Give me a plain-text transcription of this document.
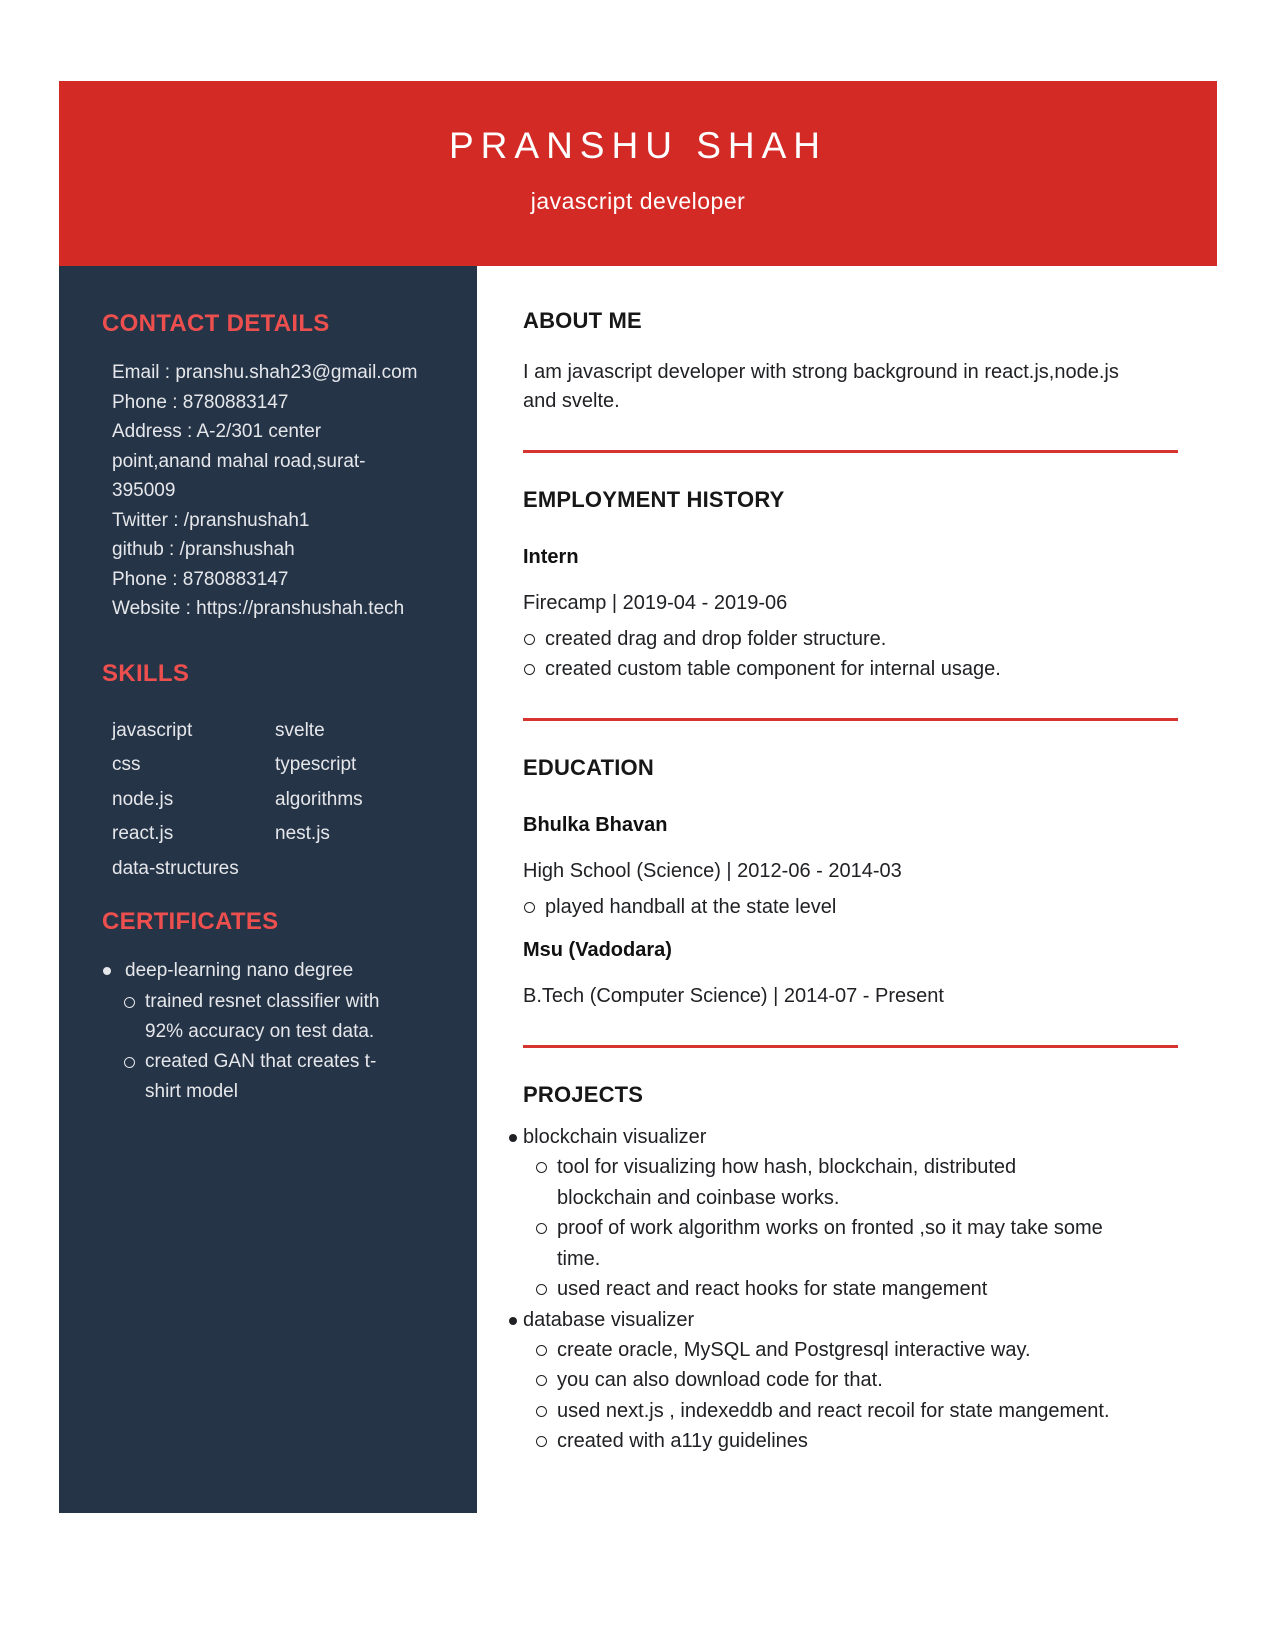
PRANSHU SHAH
javascript developer
CONTACT DETAILS
Email : pranshu.shah23@gmail.com
Phone : 8780883147
Address : A-2/301 center point,anand mahal road,surat-395009
Twitter : /pranshushah1
github : /pranshushah
Phone : 8780883147
Website : https://pranshushah.tech
SKILLS
javascript
css
node.js
react.js
data-structures
svelte
typescript
algorithms
nest.js
CERTIFICATES
deep-learning nano degree
trained resnet classifier with 92% accuracy on test data.
created GAN that creates t-shirt model
ABOUT ME

I am javascript developer with strong background in react.js,node.js and svelte.

EMPLOYMENT HISTORY
Intern

Firecamp | 2019-04 - 2019-06

created drag and drop folder structure.
created custom table component for internal usage.
EDUCATION
Bhulka Bhavan

High School (Science) | 2012-06 - 2014-03

played handball at the state level
Msu (Vadodara)

B.Tech (Computer Science) | 2014-07 - Present

PROJECTS
blockchain visualizer
tool for visualizing how hash, blockchain, distributed blockchain and coinbase works.
proof of work algorithm works on fronted ,so it may take some time.
used react and react hooks for state mangement
database visualizer
create oracle, MySQL and Postgresql interactive way.
you can also download code for that.
used next.js , indexeddb and react recoil for state mangement.
created with a11y guidelines
